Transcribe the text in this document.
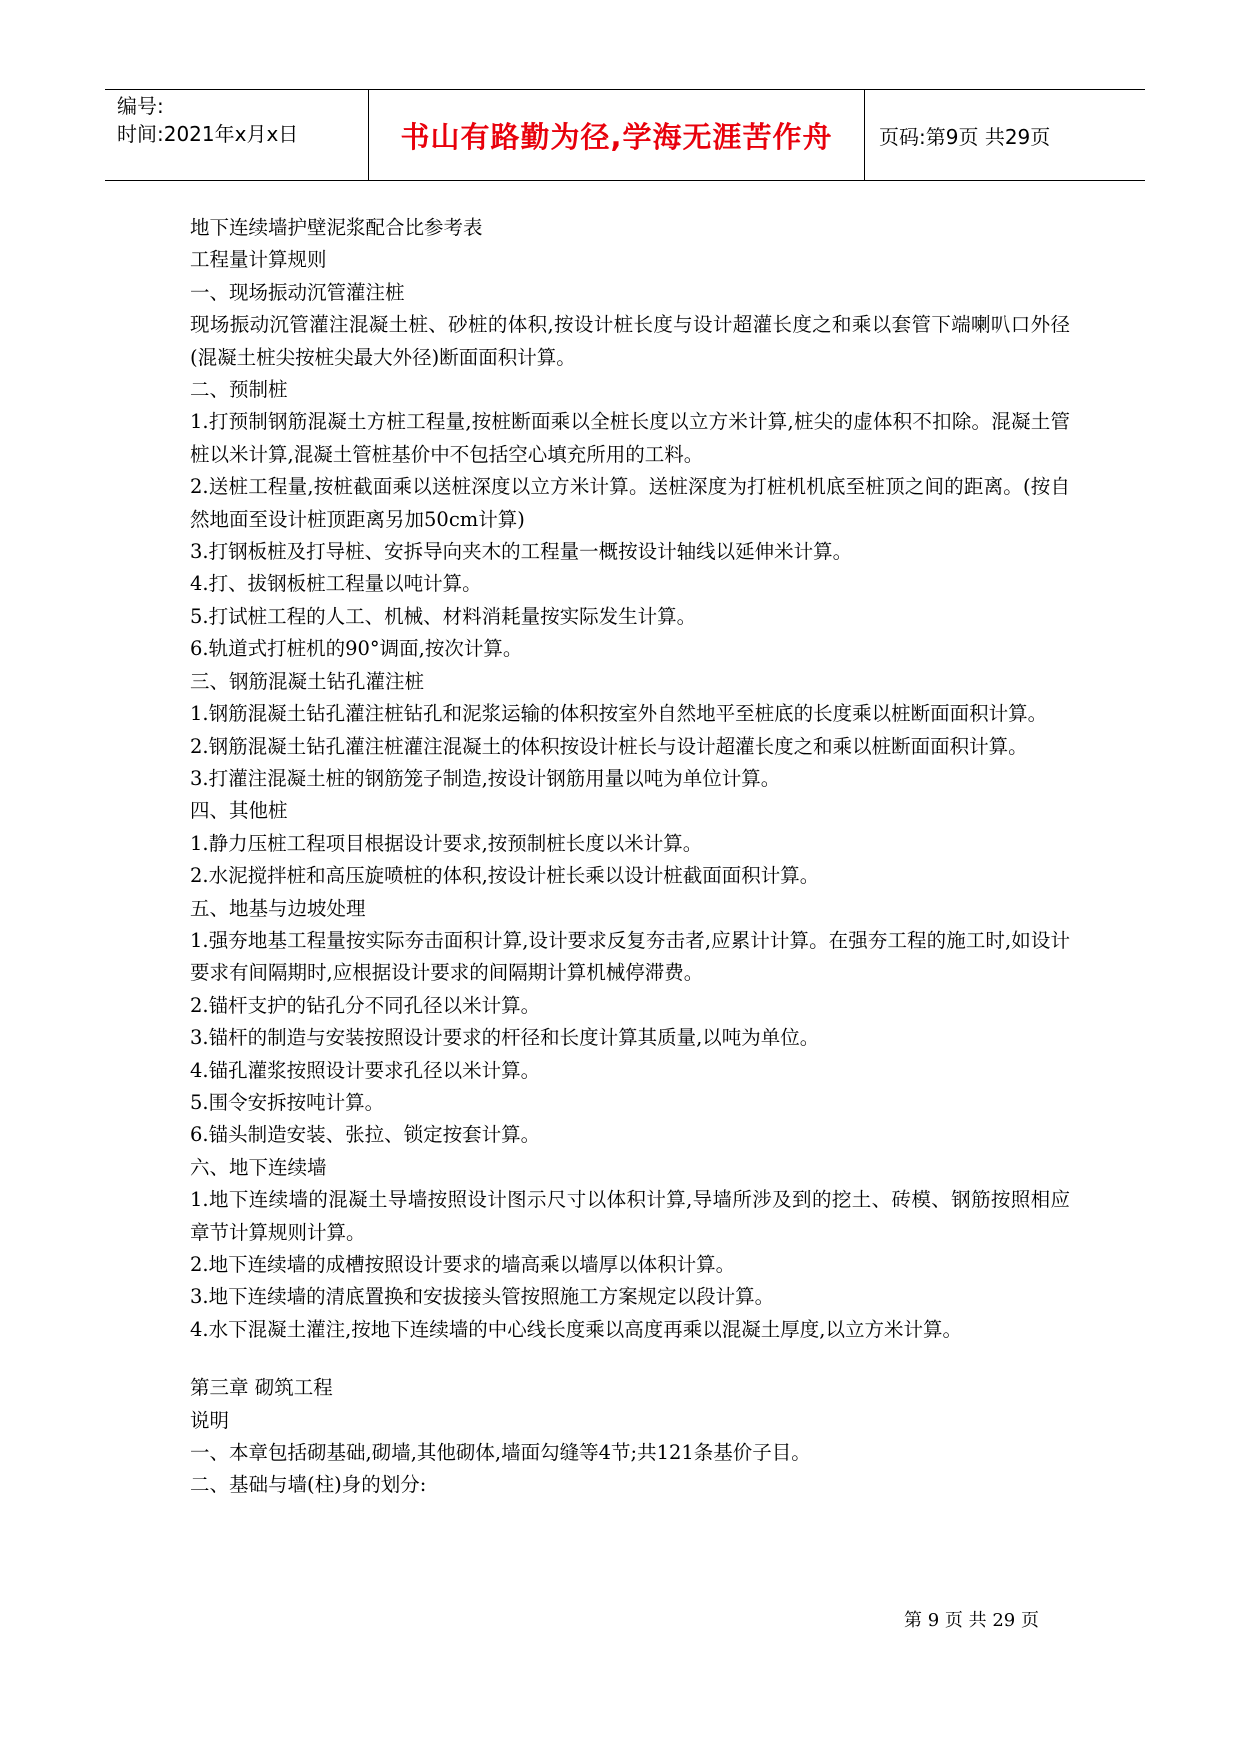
编号:
时间:2021年x月x日	书山有路勤为径,学海无涯苦作舟 页码:第9页 共29页

地下连续墙护壁泥浆配合比参考表

工程量计算规则

一、现场振动沉管灌注桩

现场振动沉管灌注混凝土桩、砂桩的体积,按设计桩长度与设计超灌长度之和乘以套管下端喇叭口外径(混凝土桩尖按桩尖最大外径)断面面积计算。

二、预制桩

1.打预制钢筋混凝土方桩工程量,按桩断面乘以全桩长度以立方米计算,桩尖的虚体积不扣除。混凝土管桩以米计算,混凝土管桩基价中不包括空心填充所用的工料。

2.送桩工程量,按桩截面乘以送桩深度以立方米计算。送桩深度为打桩机机底至桩顶之间的距离。(按自然地面至设计桩顶距离另加50cm计算)

3.打钢板桩及打导桩、安拆导向夹木的工程量一概按设计轴线以延伸米计算。

4.打、拔钢板桩工程量以吨计算。

5.打试桩工程的人工、机械、材料消耗量按实际发生计算。

6.轨道式打桩机的90°调面,按次计算。

三、钢筋混凝土钻孔灌注桩

1.钢筋混凝土钻孔灌注桩钻孔和泥浆运输的体积按室外自然地平至桩底的长度乘以桩断面面积计算。

2.钢筋混凝土钻孔灌注桩灌注混凝土的体积按设计桩长与设计超灌长度之和乘以桩断面面积计算。

3.打灌注混凝土桩的钢筋笼子制造,按设计钢筋用量以吨为单位计算。

四、其他桩

1.静力压桩工程项目根据设计要求,按预制桩长度以米计算。

2.水泥搅拌桩和高压旋喷桩的体积,按设计桩长乘以设计桩截面面积计算。

五、地基与边坡处理

1.强夯地基工程量按实际夯击面积计算,设计要求反复夯击者,应累计计算。在强夯工程的施工时,如设计要求有间隔期时,应根据设计要求的间隔期计算机械停滞费。

2.锚杆支护的钻孔分不同孔径以米计算。

3.锚杆的制造与安装按照设计要求的杆径和长度计算其质量,以吨为单位。

4.锚孔灌浆按照设计要求孔径以米计算。

5.围令安拆按吨计算。

6.锚头制造安装、张拉、锁定按套计算。

六、地下连续墙

1.地下连续墙的混凝土导墙按照设计图示尺寸以体积计算,导墙所涉及到的挖土、砖模、钢筋按照相应章节计算规则计算。

2.地下连续墙的成槽按照设计要求的墙高乘以墙厚以体积计算。

3.地下连续墙的清底置换和安拔接头管按照施工方案规定以段计算。

4.水下混凝土灌注,按地下连续墙的中心线长度乘以高度再乘以混凝土厚度,以立方米计算。

第三章 砌筑工程

说明

一、本章包括砌基础,砌墙,其他砌体,墙面勾缝等4节;共121条基价子目。

二、基础与墙(柱)身的划分:

第 9 页 共 29 页
